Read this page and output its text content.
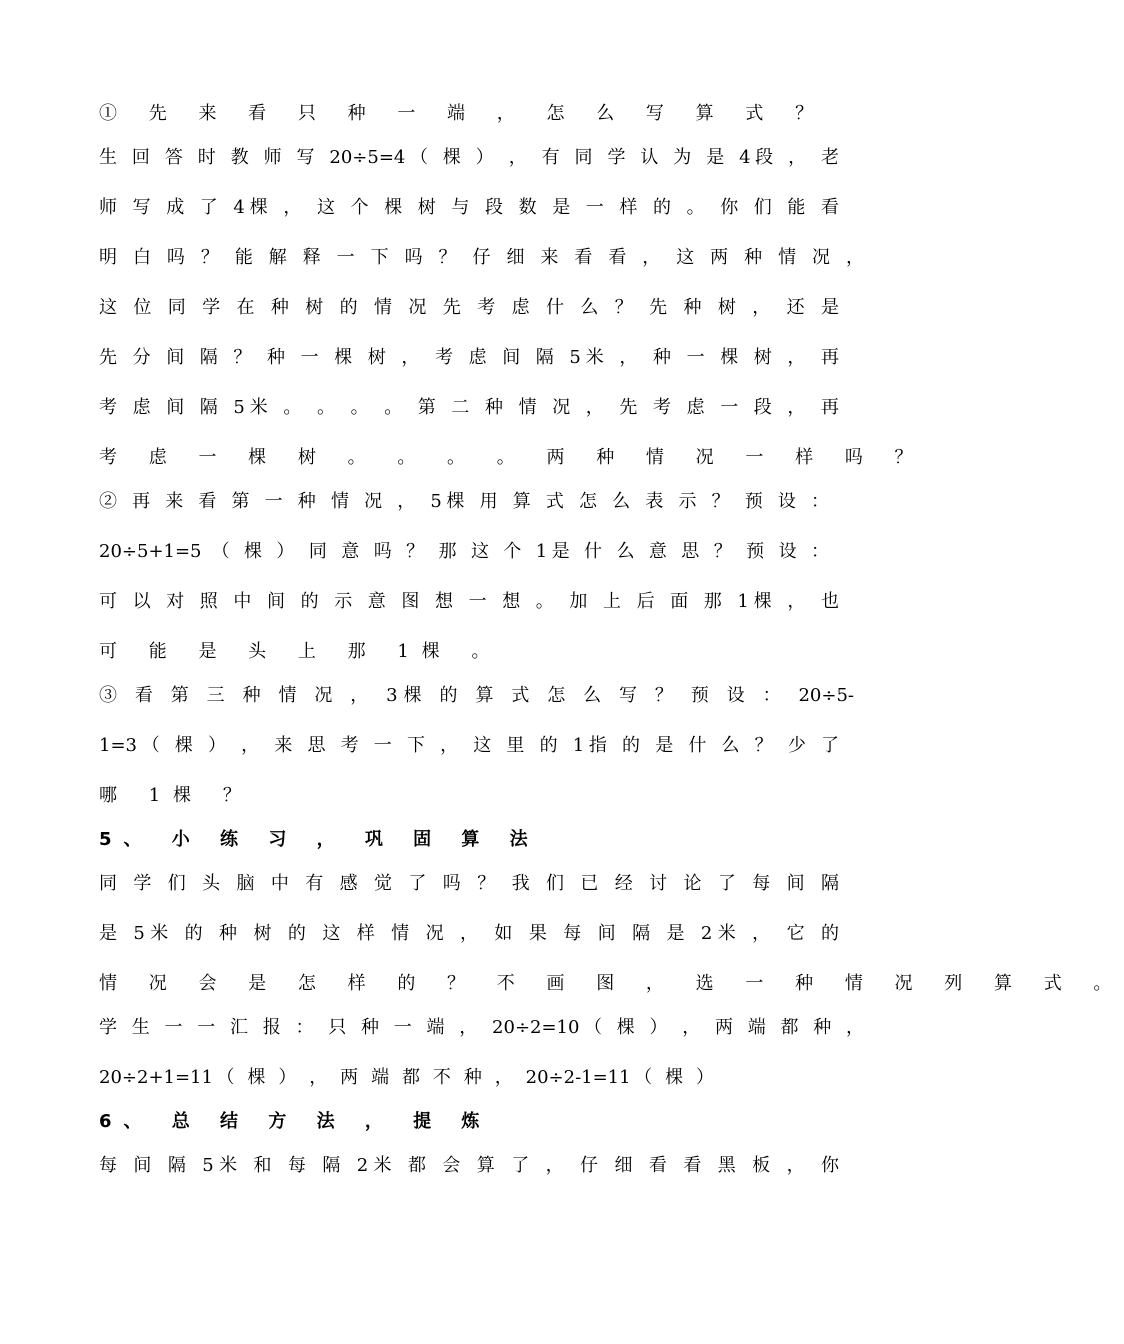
① 先 来 看 只 种 一 端 ， 怎 么 写 算 式 ？
生 回 答 时 教 师 写 20÷5=4（ 棵 ） ， 有 同 学 认 为 是 4段 ， 老
师 写 成 了 4棵 ， 这 个 棵 树 与 段 数 是 一 样 的 。 你 们 能 看
明 白 吗 ？ 能 解 释 一 下 吗 ？ 仔 细 来 看 看 ， 这 两 种 情 况 ，
这 位 同 学 在 种 树 的 情 况 先 考 虑 什 么 ？ 先 种 树 ， 还 是
先 分 间 隔 ？ 种 一 棵 树 ， 考 虑 间 隔 5米 ， 种 一 棵 树 ， 再
考 虑 间 隔 5米 。 。 。 。 第 二 种 情 况 ， 先 考 虑 一 段 ， 再
考 虑 一 棵 树 。 。 。 。 两 种 情 况 一 样 吗 ？
② 再 来 看 第 一 种 情 况 ， 5棵 用 算 式 怎 么 表 示 ？ 预 设 ：
20÷5+1=5 （ 棵 ） 同 意 吗 ？ 那 这 个 1是 什 么 意 思 ？ 预 设 ：
可 以 对 照 中 间 的 示 意 图 想 一 想 。 加 上 后 面 那 1棵 ， 也
可 能 是 头 上 那 1棵 。
③ 看 第 三 种 情 况 ， 3棵 的 算 式 怎 么 写 ？ 预 设 ： 20÷5-
1=3（ 棵 ） ， 来 思 考 一 下 ， 这 里 的 1指 的 是 什 么 ？ 少 了
哪 1棵 ？
5、 小 练 习 ， 巩 固 算 法
同 学 们 头 脑 中 有 感 觉 了 吗 ？ 我 们 已 经 讨 论 了 每 间 隔
是 5米 的 种 树 的 这 样 情 况 ， 如 果 每 间 隔 是 2米 ， 它 的
情 况 会 是 怎 样 的 ？ 不 画 图 ， 选 一 种 情 况 列 算 式 。
学 生 一 一 汇 报 ： 只 种 一 端 ， 20÷2=10（ 棵 ） ， 两 端 都 种 ，
20÷2+1=11（ 棵 ） ， 两 端 都 不 种 ， 20÷2-1=11（ 棵 ）
6、 总 结 方 法 ， 提 炼
每 间 隔 5米 和 每 隔 2米 都 会 算 了 ， 仔 细 看 看 黑 板 ， 你
